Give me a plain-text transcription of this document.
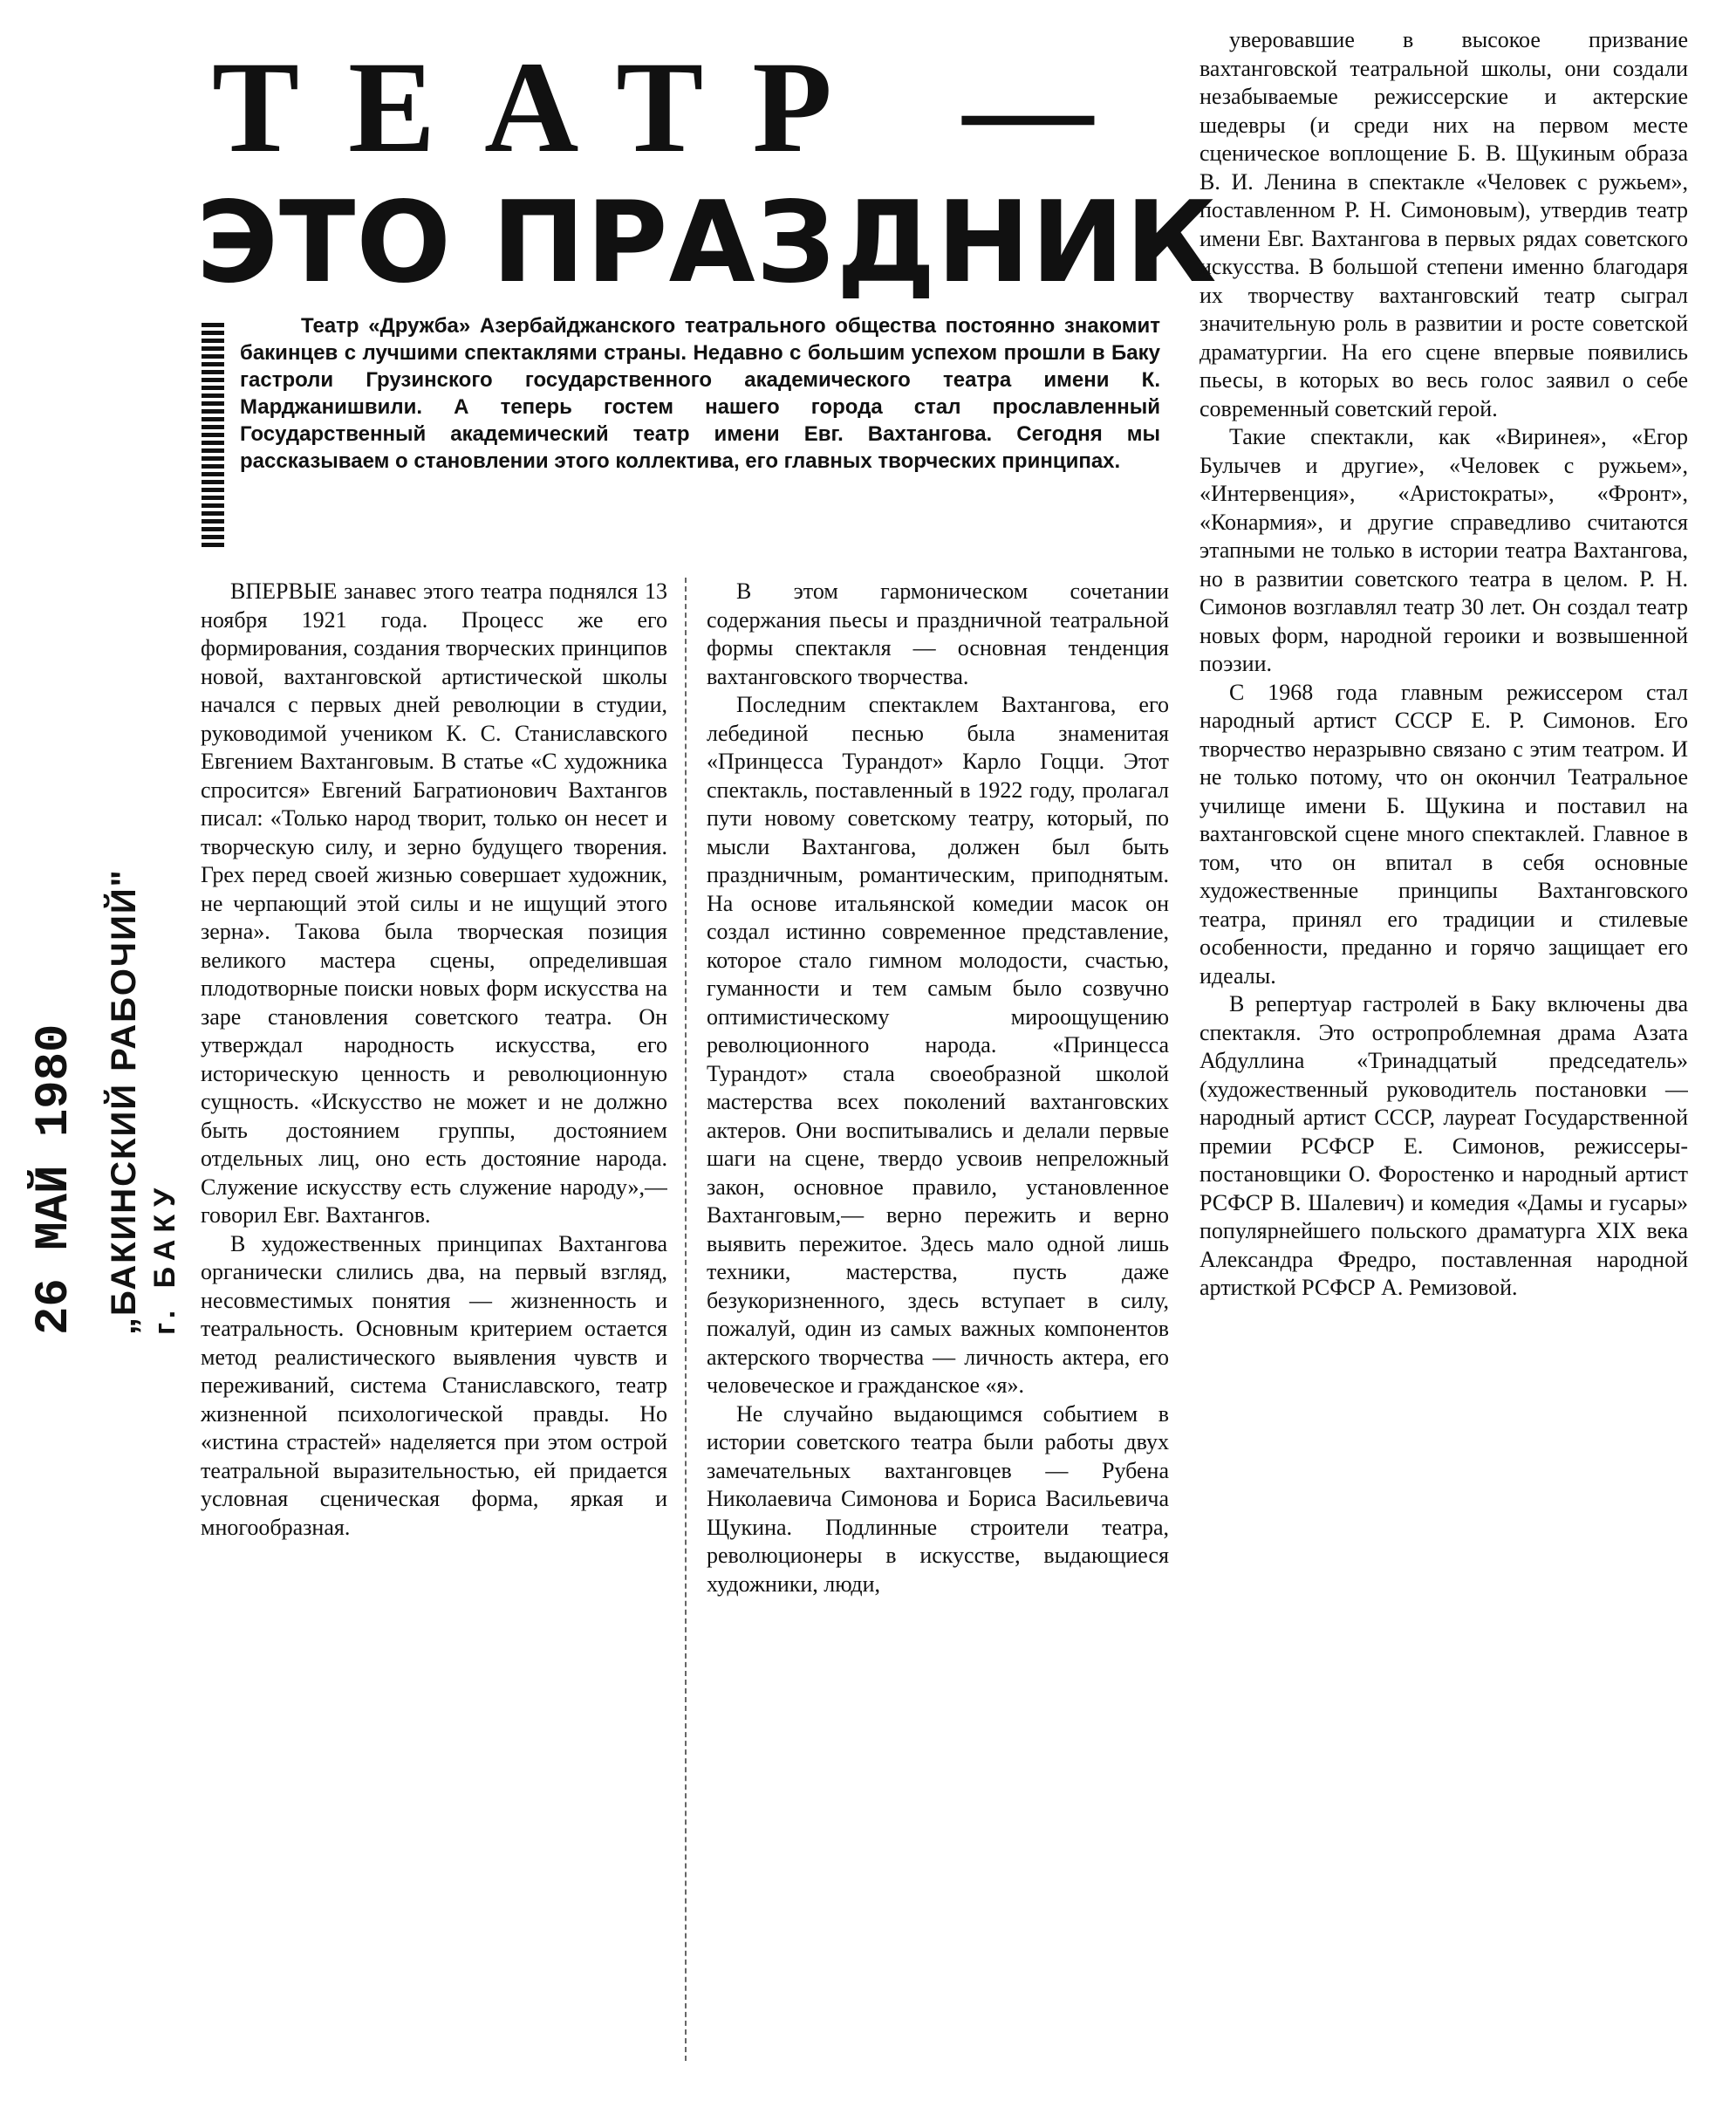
26 МАЙ 1980 „БАКИНСКИЙ РАБОЧИЙ" г. БАКУ
ТЕАТР —
ЭТО ПРАЗДНИК

Театр «Дружба» Азербайджанского театрального общества постоянно знакомит бакинцев с лучшими спектаклями страны. Недавно с большим успехом прошли в Баку гастроли Грузинского государственного академического театра имени К. Марджанишвили. А теперь гостем нашего города стал прославленный Государственный академический театр имени Евг. Вахтангова. Сегодня мы рассказываем о становлении этого коллектива, его главных творческих принципах.

ВПЕРВЫЕ занавес этого театра поднялся 13 ноября 1921 года. Процесс же его формирования, создания творческих принципов новой, вахтанговской артистической школы начался с первых дней революции в студии, руководимой учеником К. С. Станиславского Евгением Вахтанговым. В статье «С художника спросится» Евгений Багратионович Вахтангов писал: «Только народ творит, только он несет и творческую силу, и зерно будущего творения. Грех перед своей жизнью совершает художник, не черпающий этой силы и не ищущий этого зерна». Такова была творческая позиция великого мастера сцены, определившая плодотворные поиски новых форм искусства на заре становления советского театра. Он утверждал народность искусства, его историческую ценность и революционную сущность. «Искусство не может и не должно быть достоянием группы, достоянием отдельных лиц, оно есть достояние народа. Служение искусству есть служение народу»,—говорил Евг. Вахтангов.

В художественных принципах Вахтангова органически слились два, на первый взгляд, несовместимых понятия — жизненность и театральность. Основным критерием остается метод реалистического выявления чувств и переживаний, система Станиславского, театр жизненной психологической правды. Но «истина страстей» наделяется при этом острой театральной выразительностью, ей придается условная сценическая форма, яркая и многообразная.

В этом гармоническом сочетании содержания пьесы и праздничной театральной формы спектакля — основная тенденция вахтанговского творчества.

Последним спектаклем Вахтангова, его лебединой песнью была знаменитая «Принцесса Турандот» Карло Гоцци. Этот спектакль, поставленный в 1922 году, пролагал пути новому советскому театру, который, по мысли Вахтангова, должен был быть праздничным, романтическим, приподнятым. На основе итальянской комедии масок он создал истинно современное представление, которое стало гимном молодости, счастью, гуманности и тем самым было созвучно оптимистическому мироощущению революционного народа. «Принцесса Турандот» стала своеобразной школой мастерства всех поколений вахтанговских актеров. Они воспитывались и делали первые шаги на сцене, твердо усвоив непреложный закон, основное правило, установленное Вахтанговым,— верно пережить и верно выявить пережитое. Здесь мало одной лишь техники, мастерства, пусть даже безукоризненного, здесь вступает в силу, пожалуй, один из самых важных компонентов актерского творчества — личность актера, его человеческое и гражданское «я».

Не случайно выдающимся событием в истории советского театра были работы двух замечательных вахтанговцев — Рубена Николаевича Симонова и Бориса Васильевича Щукина. Подлинные строители театра, революционеры в искусстве, выдающиеся художники, люди,

уверовавшие в высокое призвание вахтанговской театральной школы, они создали незабываемые режиссерские и актерские шедевры (и среди них на первом месте сценическое воплощение Б. В. Щукиным образа В. И. Ленина в спектакле «Человек с ружьем», поставленном Р. Н. Симоновым), утвердив театр имени Евг. Вахтангова в первых рядах советского искусства. В большой степени именно благодаря их творчеству вахтанговский театр сыграл значительную роль в развитии и росте советской драматургии. На его сцене впервые появились пьесы, в которых во весь голос заявил о себе современный советский герой.

Такие спектакли, как «Виринея», «Егор Булычев и другие», «Человек с ружьем», «Интервенция», «Аристократы», «Фронт», «Конармия», и другие справедливо считаются этапными не только в истории театра Вахтангова, но в развитии советского театра в целом. Р. Н. Симонов возглавлял театр 30 лет. Он создал театр новых форм, народной героики и возвышенной поэзии.

С 1968 года главным режиссером стал народный артист СССР Е. Р. Симонов. Его творчество неразрывно связано с этим театром. И не только потому, что он окончил Театральное училище имени Б. Щукина и поставил на вахтанговской сцене много спектаклей. Главное в том, что он впитал в себя основные художественные принципы Вахтанговского театра, принял его традиции и стилевые особенности, преданно и горячо защищает его идеалы.

В репертуар гастролей в Баку включены два спектакля. Это остропроблемная драма Азата Абдуллина «Тринадцатый председатель» (художественный руководитель постановки — народный артист СССР, лауреат Государственной премии РСФСР Е. Симонов, режиссеры-постановщики О. Форостенко и народный артист РСФСР В. Шалевич) и комедия «Дамы и гусары» популярнейшего польского драматурга XIX века Александра Фредро, поставленная народной артисткой РСФСР А. Ремизовой.
